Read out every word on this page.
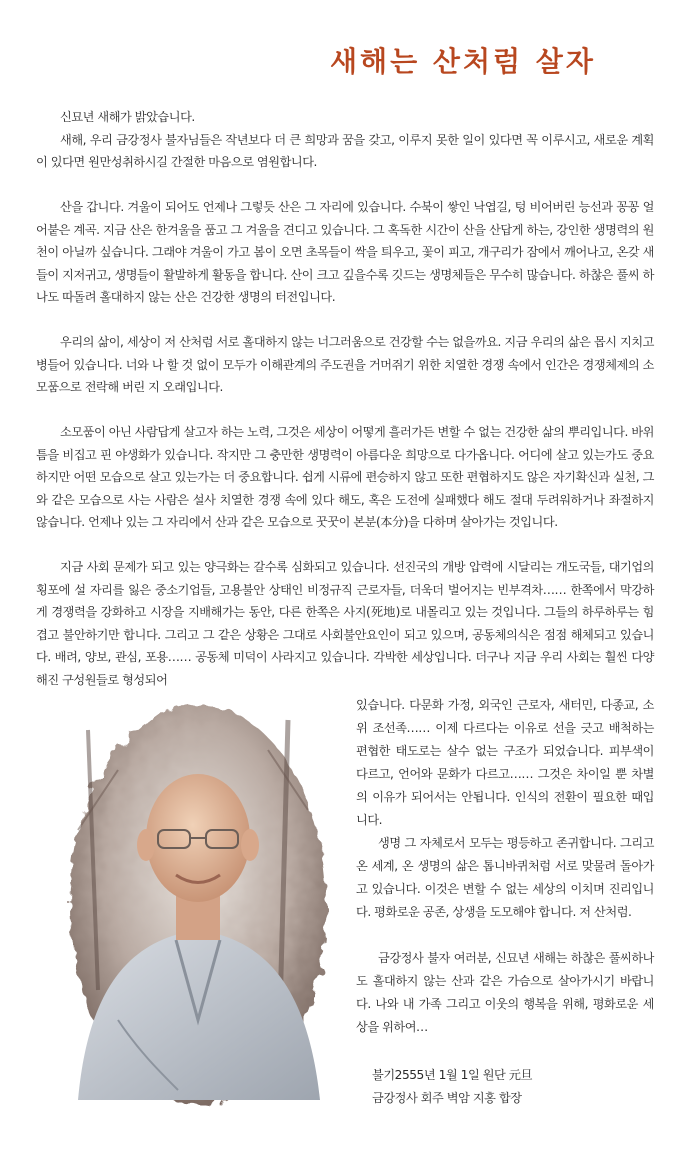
새해는 산처럼 살자

신묘년 새해가 밝았습니다.

새해, 우리 금강정사 불자님들은 작년보다 더 큰 희망과 꿈을 갖고, 이루지 못한 일이 있다면 꼭 이루시고, 새로운 계획이 있다면 원만성취하시길 간절한 마음으로 염원합니다.

산을 갑니다. 겨울이 되어도 언제나 그렇듯 산은 그 자리에 있습니다. 수북이 쌓인 낙엽길, 텅 비어버린 능선과 꽁꽁 얼어붙은 계곡. 지금 산은 한겨울을 품고 그 겨울을 견디고 있습니다. 그 혹독한 시간이 산을 산답게 하는, 강인한 생명력의 원천이 아닐까 싶습니다. 그래야 겨울이 가고 봄이 오면 초목들이 싹을 틔우고, 꽃이 피고, 개구리가 잠에서 깨어나고, 온갖 새들이 지저귀고, 생명들이 활발하게 활동을 합니다. 산이 크고 깊을수록 깃드는 생명체들은 무수히 많습니다. 하찮은 풀씨 하나도 따돌려 홀대하지 않는 산은 건강한 생명의 터전입니다.

우리의 삶이, 세상이 저 산처럼 서로 홀대하지 않는 너그러움으로 건강할 수는 없을까요. 지금 우리의 삶은 몹시 지치고 병들어 있습니다. 너와 나 할 것 없이 모두가 이해관계의 주도권을 거머쥐기 위한 치열한 경쟁 속에서 인간은 경쟁체제의 소모품으로 전락해 버린 지 오래입니다.

소모품이 아닌 사람답게 살고자 하는 노력, 그것은 세상이 어떻게 흘러가든 변할 수 없는 건강한 삶의 뿌리입니다. 바위틈을 비집고 핀 야생화가 있습니다. 작지만 그 충만한 생명력이 아름다운 희망으로 다가옵니다. 어디에 살고 있는가도 중요하지만 어떤 모습으로 살고 있는가는 더 중요합니다. 쉽게 시류에 편승하지 않고 또한 편협하지도 않은 자기확신과 실천, 그와 같은 모습으로 사는 사람은 설사 치열한 경쟁 속에 있다 해도, 혹은 도전에 실패했다 해도 절대 두려워하거나 좌절하지 않습니다. 언제나 있는 그 자리에서 산과 같은 모습으로 꿋꿋이 본분(本分)을 다하며 살아가는 것입니다.

지금 사회 문제가 되고 있는 양극화는 갈수록 심화되고 있습니다. 선진국의 개방 압력에 시달리는 개도국들, 대기업의 횡포에 설 자리를 잃은 중소기업들, 고용불안 상태인 비정규직 근로자들, 더욱더 벌어지는 빈부격차…… 한쪽에서 막강하게 경쟁력을 강화하고 시장을 지배해가는 동안, 다른 한쪽은 사지(死地)로 내몰리고 있는 것입니다. 그들의 하루하루는 힘겹고 불안하기만 합니다. 그리고 그 같은 상황은 그대로 사회불안요인이 되고 있으며, 공동체의식은 점점 해체되고 있습니다. 배려, 양보, 관심, 포용…… 공동체 미덕이 사라지고 있습니다. 각박한 세상입니다. 더구나 지금 우리 사회는 훨씬 다양해진 구성원들로 형성되어

있습니다. 다문화 가정, 외국인 근로자, 새터민, 다종교, 소위 조선족…… 이제 다르다는 이유로 선을 긋고 배척하는 편협한 태도로는 살수 없는 구조가 되었습니다. 피부색이 다르고, 언어와 문화가 다르고…… 그것은 차이일 뿐 차별의 이유가 되어서는 안됩니다. 인식의 전환이 필요한 때입니다.

생명 그 자체로서 모두는 평등하고 존귀합니다. 그리고 온 세계, 온 생명의 삶은 톱니바퀴처럼 서로 맞물려 돌아가고 있습니다. 이것은 변할 수 없는 세상의 이치며 진리입니다. 평화로운 공존, 상생을 도모해야 합니다. 저 산처럼.

금강정사 불자 여러분, 신묘년 새해는 하찮은 풀씨하나도 홀대하지 않는 산과 같은 가슴으로 살아가시기 바랍니다. 나와 내 가족 그리고 이웃의 행복을 위해, 평화로운 세상을 위하여…

불기2555년 1월 1일 원단 元旦
금강정사 회주 벽암 지홍 합장
